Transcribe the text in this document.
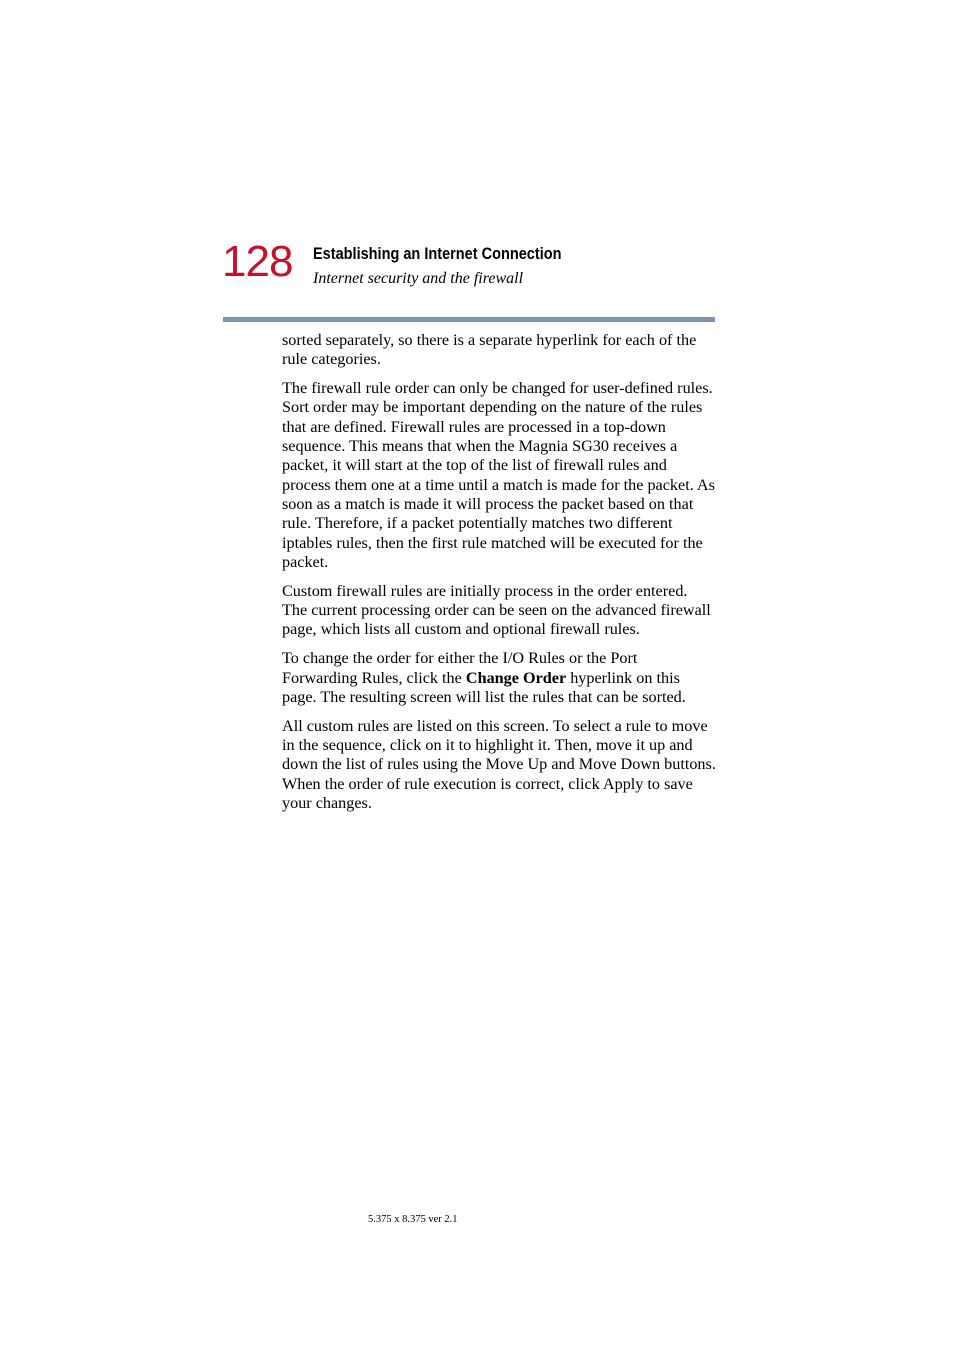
128 Establishing an Internet Connection
Internet security and the firewall

sorted separately, so there is a separate hyperlink for each of the rule categories.

The firewall rule order can only be changed for user-defined rules. Sort order may be important depending on the nature of the rules that are defined. Firewall rules are processed in a top-down sequence. This means that when the Magnia SG30 receives a packet, it will start at the top of the list of firewall rules and process them one at a time until a match is made for the packet. As soon as a match is made it will process the packet based on that rule. Therefore, if a packet potentially matches two different iptables rules, then the first rule matched will be executed for the packet.

Custom firewall rules are initially process in the order entered. The current processing order can be seen on the advanced firewall page, which lists all custom and optional firewall rules.

To change the order for either the I/O Rules or the Port Forwarding Rules, click the Change Order hyperlink on this page. The resulting screen will list the rules that can be sorted.

All custom rules are listed on this screen. To select a rule to move in the sequence, click on it to highlight it. Then, move it up and down the list of rules using the Move Up and Move Down buttons. When the order of rule execution is correct, click Apply to save your changes.

5.375 x 8.375 ver 2.1
